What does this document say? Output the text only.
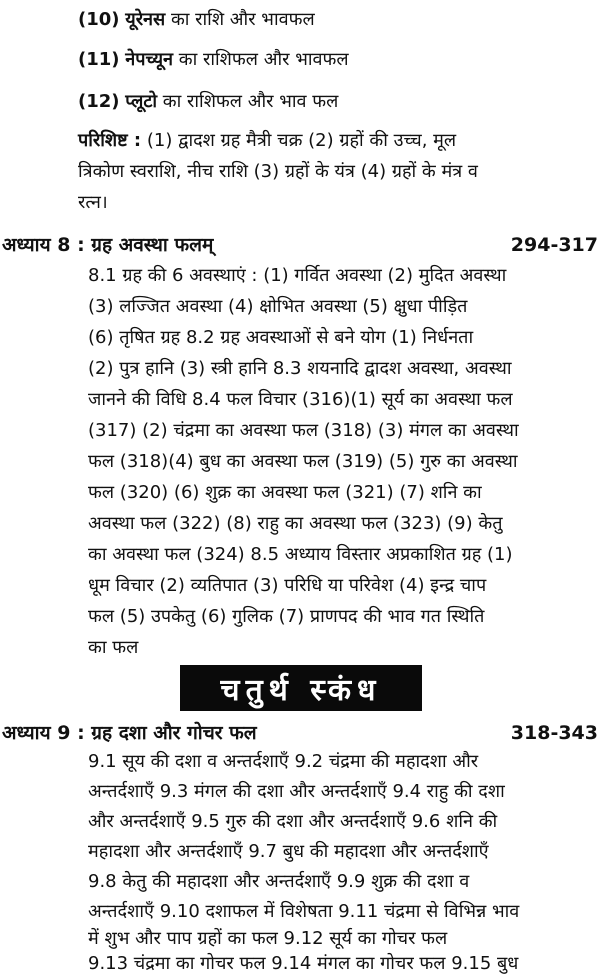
(10) यूरेनस का राशि और भावफल
(11) नेपच्यून का राशिफल और भावफल
(12) प्लूटो का राशिफल और भाव फल
परिशिष्ट : (1) द्वादश ग्रह मैत्री चक्र (2) ग्रहों की उच्च, मूल
त्रिकोण स्वराशि, नीच राशि (3) ग्रहों के यंत्र (4) ग्रहों के मंत्र व
रत्न।
अध्याय 8 : ग्रह अवस्था फलम्	294-317
8.1 ग्रह की 6 अवस्थाएं : (1) गर्वित अवस्था (2) मुदित अवस्था
(3) लज्जित अवस्था (4) क्षोभित अवस्था (5) क्षुधा पीड़ित
(6) तृषित ग्रह 8.2 ग्रह अवस्थाओं से बने योग (1) निर्धनता
(2) पुत्र हानि (3) स्त्री हानि 8.3 शयनादि द्वादश अवस्था, अवस्था
जानने की विधि 8.4 फल विचार (316)(1) सूर्य का अवस्था फल
(317) (2) चंद्रमा का अवस्था फल (318) (3) मंगल का अवस्था
फल (318)(4) बुध का अवस्था फल (319) (5) गुरु का अवस्था
फल (320) (6) शुक्र का अवस्था फल (321) (7) शनि का
अवस्था फल (322) (8) राहु का अवस्था फल (323) (9) केतु
का अवस्था फल (324) 8.5 अध्याय विस्तार अप्रकाशित ग्रह (1)
धूम विचार (2) व्यतिपात (3) परिधि या परिवेश (4) इन्द्र चाप
फल (5) उपकेतु (6) गुलिक (7) प्राणपद की भाव गत स्थिति
का फल
चतुर्थ स्कंध
अध्याय 9 : ग्रह दशा और गोचर फल	318-343
9.1 सूय की दशा व अन्तर्दशाएँ 9.2 चंद्रमा की महादशा और
अन्तर्दशाएँ 9.3 मंगल की दशा और अन्तर्दशाएँ 9.4 राहु की दशा
और अन्तर्दशाएँ 9.5 गुरु की दशा और अन्तर्दशाएँ 9.6 शनि की
महादशा और अन्तर्दशाएँ 9.7 बुध की महादशा और अन्तर्दशाएँ
9.8 केतु की महादशा और अन्तर्दशाएँ 9.9 शुक्र की दशा व
अन्तर्दशाएँ 9.10 दशाफल में विशेषता 9.11 चंद्रमा से विभिन्न भाव
में शुभ और पाप ग्रहों का फल 9.12 सूर्य का गोचर फल
9.13 चंद्रमा का गोचर फल 9.14 मंगल का गोचर फल 9.15 बुध
